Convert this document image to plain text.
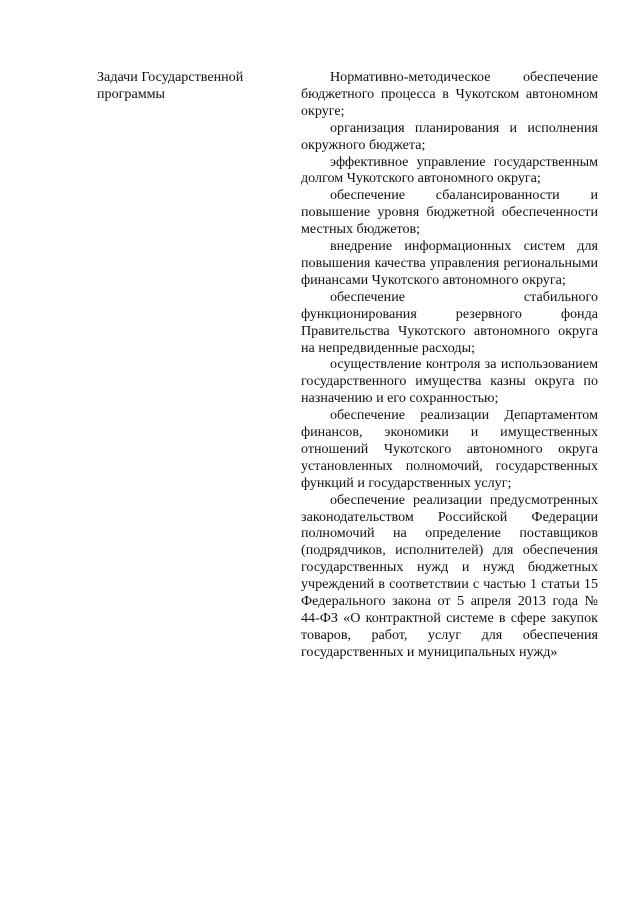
Задачи Государственной программы

Нормативно-методическое обеспечение бюджетного процесса в Чукотском автономном округе;

организация планирования и исполнения окружного бюджета;

эффективное управление государственным долгом Чукотского автономного округа;

обеспечение сбалансированности и повышение уровня бюджетной обеспеченности местных бюджетов;

внедрение информационных систем для повышения качества управления региональными финансами Чукотского автономного округа;

обеспечение стабильного функционирования резервного фонда Правительства Чукотского автономного округа на непредвиденные расходы;

осуществление контроля за использованием государственного имущества казны округа по назначению и его сохранностью;

обеспечение реализации Департаментом финансов, экономики и имущественных отношений Чукотского автономного округа установленных полномочий, государственных функций и государственных услуг;

обеспечение реализации предусмотренных законодательством Российской Федерации полномочий на определение поставщиков (подрядчиков, исполнителей) для обеспечения государственных нужд и нужд бюджетных учреждений в соответствии с частью 1 статьи 15 Федерального закона от 5 апреля 2013 года № 44-ФЗ «О контрактной системе в сфере закупок товаров, работ, услуг для обеспечения государственных и муниципальных нужд»
